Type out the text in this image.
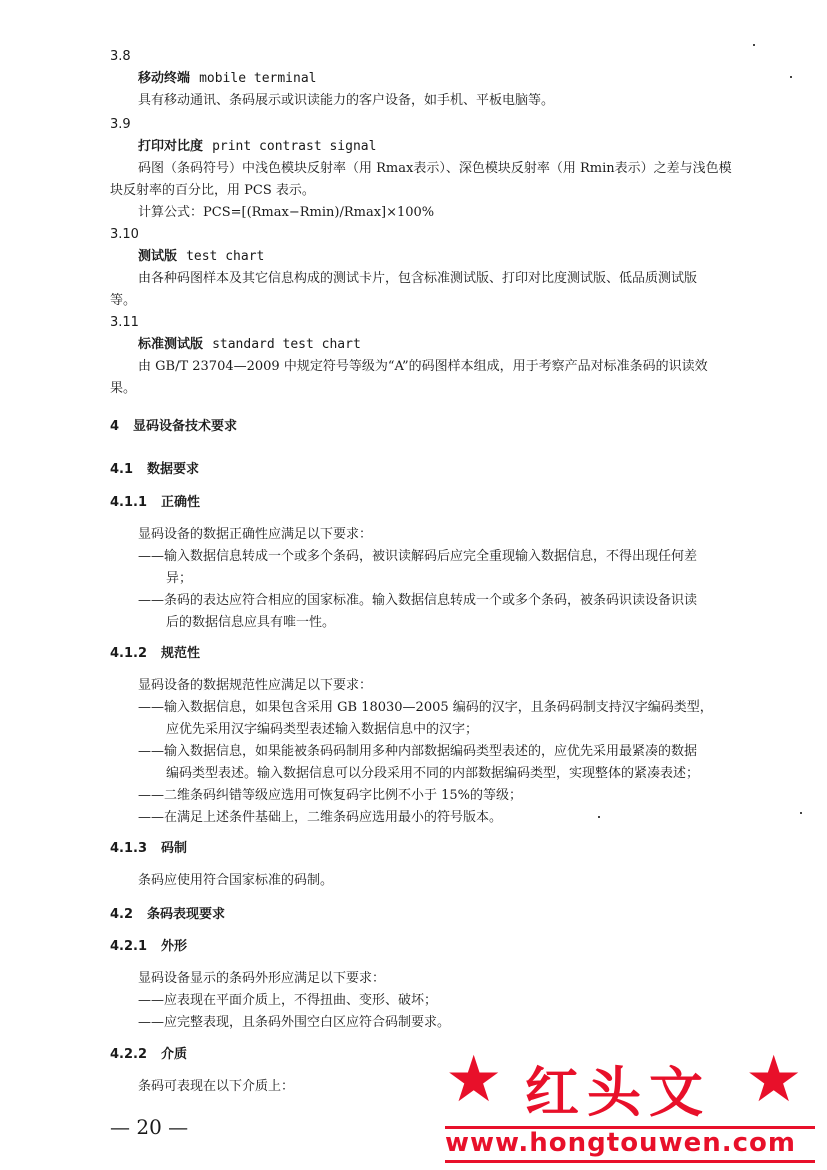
3.8
移动终端 mobile terminal
具有移动通讯、条码展示或识读能力的客户设备，如手机、平板电脑等。
3.9
打印对比度 print contrast signal
码图（条码符号）中浅色模块反射率（用 Rmax表示）、深色模块反射率（用 Rmin表示）之差与浅色模
块反射率的百分比，用 PCS 表示。
计算公式：PCS=[(Rmax−Rmin)/Rmax]×100%
3.10
测试版 test chart
由各种码图样本及其它信息构成的测试卡片，包含标准测试版、打印对比度测试版、低品质测试版
等。
3.11
标准测试版 standard test chart
由 GB/T 23704—2009 中规定符号等级为“A”的码图样本组成，用于考察产品对标准条码的识读效
果。
4 显码设备技术要求
4.1 数据要求
4.1.1 正确性
显码设备的数据正确性应满足以下要求：
——输入数据信息转成一个或多个条码，被识读解码后应完全重现输入数据信息，不得出现任何差
异；
——条码的表达应符合相应的国家标准。输入数据信息转成一个或多个条码，被条码识读设备识读
后的数据信息应具有唯一性。
4.1.2 规范性
显码设备的数据规范性应满足以下要求：
——输入数据信息，如果包含采用 GB 18030—2005 编码的汉字，且条码码制支持汉字编码类型，
应优先采用汉字编码类型表述输入数据信息中的汉字；
——输入数据信息，如果能被条码码制用多种内部数据编码类型表述的，应优先采用最紧凑的数据
编码类型表述。输入数据信息可以分段采用不同的内部数据编码类型，实现整体的紧凑表述；
——二维条码纠错等级应选用可恢复码字比例不小于 15%的等级；
——在满足上述条件基础上，二维条码应选用最小的符号版本。
4.1.3 码制
条码应使用符合国家标准的码制。
4.2 条码表现要求
4.2.1 外形
显码设备显示的条码外形应满足以下要求：
——应表现在平面介质上，不得扭曲、变形、破坏；
——应完整表现，且条码外围空白区应符合码制要求。
4.2.2 介质
条码可表现在以下介质上：
— 20 —
★ 红头文 ★
www.hongtouwen.com
